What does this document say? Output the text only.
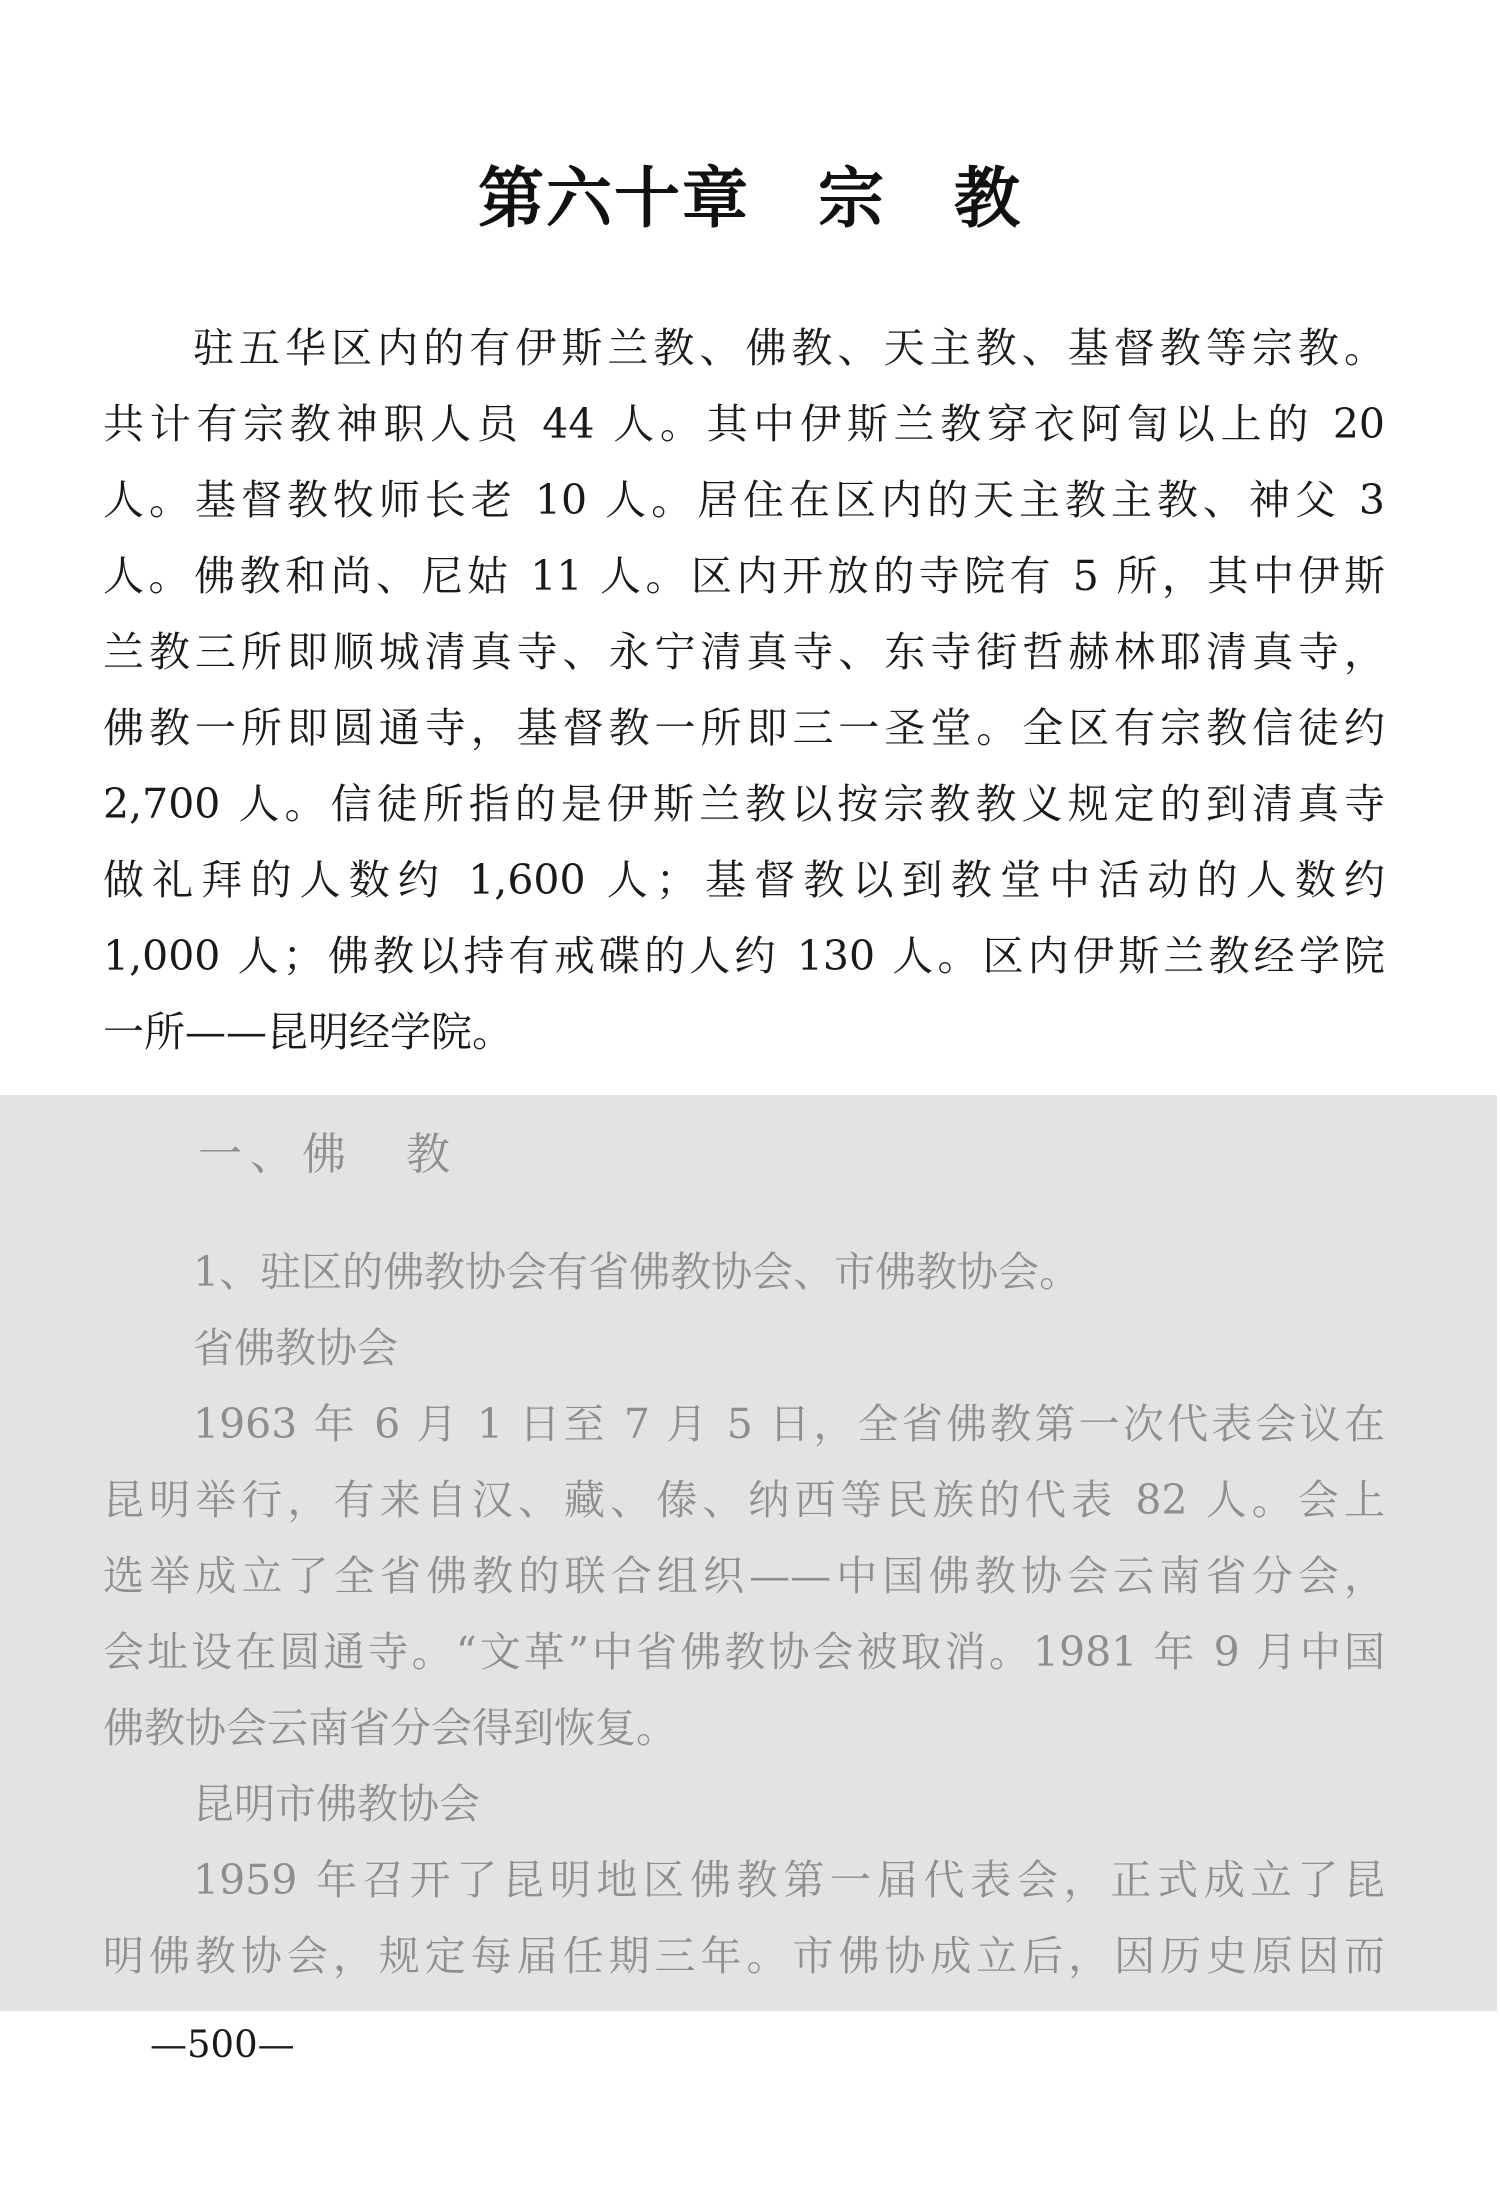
第六十章　宗　教
驻五华区内的有伊斯兰教、佛教、天主教、基督教等宗教。
共计有宗教神职人员 44 人。其中伊斯兰教穿衣阿訇以上的 20
人。基督教牧师长老 10 人。居住在区内的天主教主教、神父 3
人。佛教和尚、尼姑 11 人。区内开放的寺院有 5 所，其中伊斯
兰教三所即顺城清真寺、永宁清真寺、东寺街哲赫林耶清真寺，
佛教一所即圆通寺，基督教一所即三一圣堂。全区有宗教信徒约
2,700 人。信徒所指的是伊斯兰教以按宗教教义规定的到清真寺
做礼拜的人数约 1,600 人；基督教以到教堂中活动的人数约
1,000 人；佛教以持有戒碟的人约 130 人。区内伊斯兰教经学院
一所——昆明经学院。
一、佛　教
1、驻区的佛教协会有省佛教协会、市佛教协会。
省佛教协会
1963 年 6 月 1 日至 7 月 5 日，全省佛教第一次代表会议在
昆明举行，有来自汉、藏、傣、纳西等民族的代表 82 人。会上
选举成立了全省佛教的联合组织——中国佛教协会云南省分会，
会址设在圆通寺。“文革”中省佛教协会被取消。1981 年 9 月中国
佛教协会云南省分会得到恢复。
昆明市佛教协会
1959 年召开了昆明地区佛教第一届代表会，正式成立了昆
明佛教协会，规定每届任期三年。市佛协成立后，因历史原因而
—500—
